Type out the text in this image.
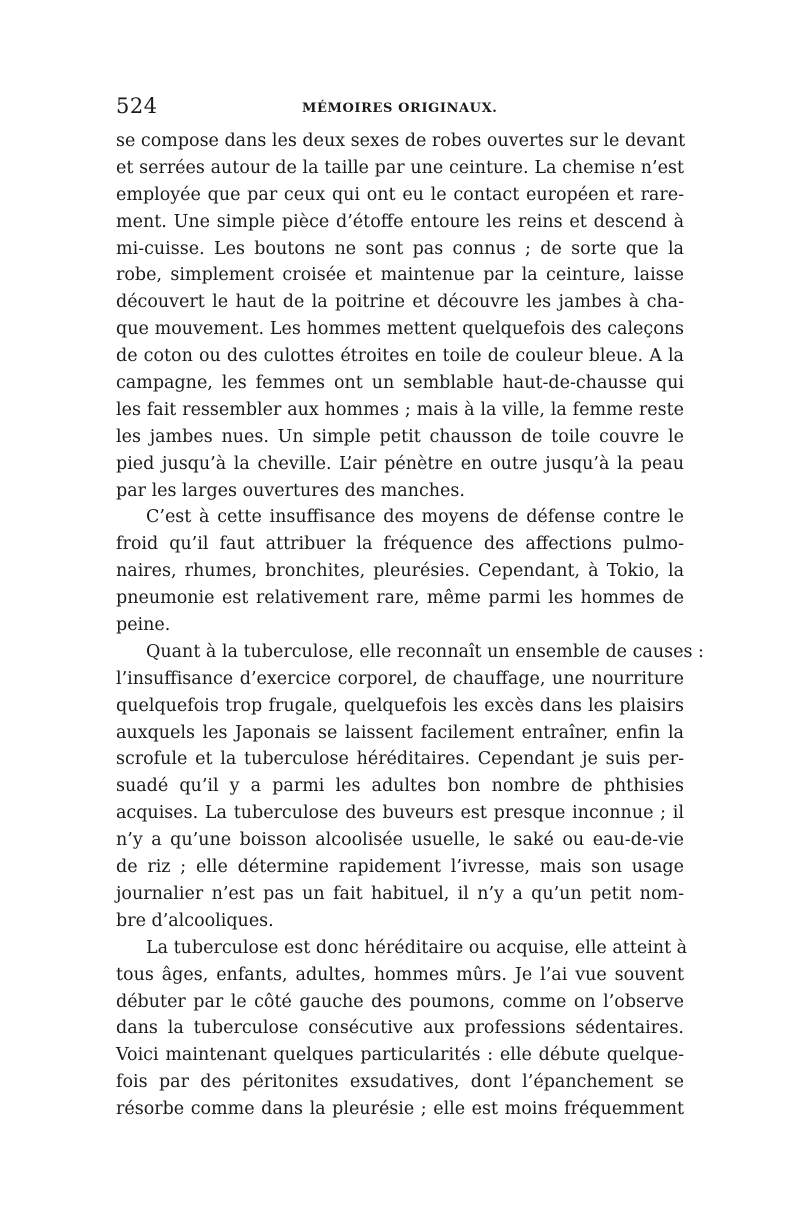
524	MÉMOIRES ORIGINAUX.
se compose dans les deux sexes de robes ouvertes sur le devant
et serrées autour de la taille par une ceinture. La chemise n’est
employée que par ceux qui ont eu le contact européen et rare-
ment. Une simple pièce d’étoffe entoure les reins et descend à
mi-cuisse. Les boutons ne sont pas connus ; de sorte que la
robe, simplement croisée et maintenue par la ceinture, laisse
découvert le haut de la poitrine et découvre les jambes à cha-
que mouvement. Les hommes mettent quelquefois des caleçons
de coton ou des culottes étroites en toile de couleur bleue. A la
campagne, les femmes ont un semblable haut-de-chausse qui
les fait ressembler aux hommes ; mais à la ville, la femme reste
les jambes nues. Un simple petit chausson de toile couvre le
pied jusqu’à la cheville. L’air pénètre en outre jusqu’à la peau
par les larges ouvertures des manches.
C’est à cette insuffisance des moyens de défense contre le
froid qu’il faut attribuer la fréquence des affections pulmo-
naires, rhumes, bronchites, pleurésies. Cependant, à Tokio, la
pneumonie est relativement rare, même parmi les hommes de
peine.
Quant à la tuberculose, elle reconnaît un ensemble de causes :
l’insuffisance d’exercice corporel, de chauffage, une nourriture
quelquefois trop frugale, quelquefois les excès dans les plaisirs
auxquels les Japonais se laissent facilement entraîner, enfin la
scrofule et la tuberculose héréditaires. Cependant je suis per-
suadé qu’il y a parmi les adultes bon nombre de phthisies
acquises. La tuberculose des buveurs est presque inconnue ; il
n’y a qu’une boisson alcoolisée usuelle, le saké ou eau-de-vie
de riz ; elle détermine rapidement l’ivresse, mais son usage
journalier n’est pas un fait habituel, il n’y a qu’un petit nom-
bre d’alcooliques.
La tuberculose est donc héréditaire ou acquise, elle atteint à
tous âges, enfants, adultes, hommes mûrs. Je l’ai vue souvent
débuter par le côté gauche des poumons, comme on l’observe
dans la tuberculose consécutive aux professions sédentaires.
Voici maintenant quelques particularités : elle débute quelque-
fois par des péritonites exsudatives, dont l’épanchement se
résorbe comme dans la pleurésie ; elle est moins fréquemment
